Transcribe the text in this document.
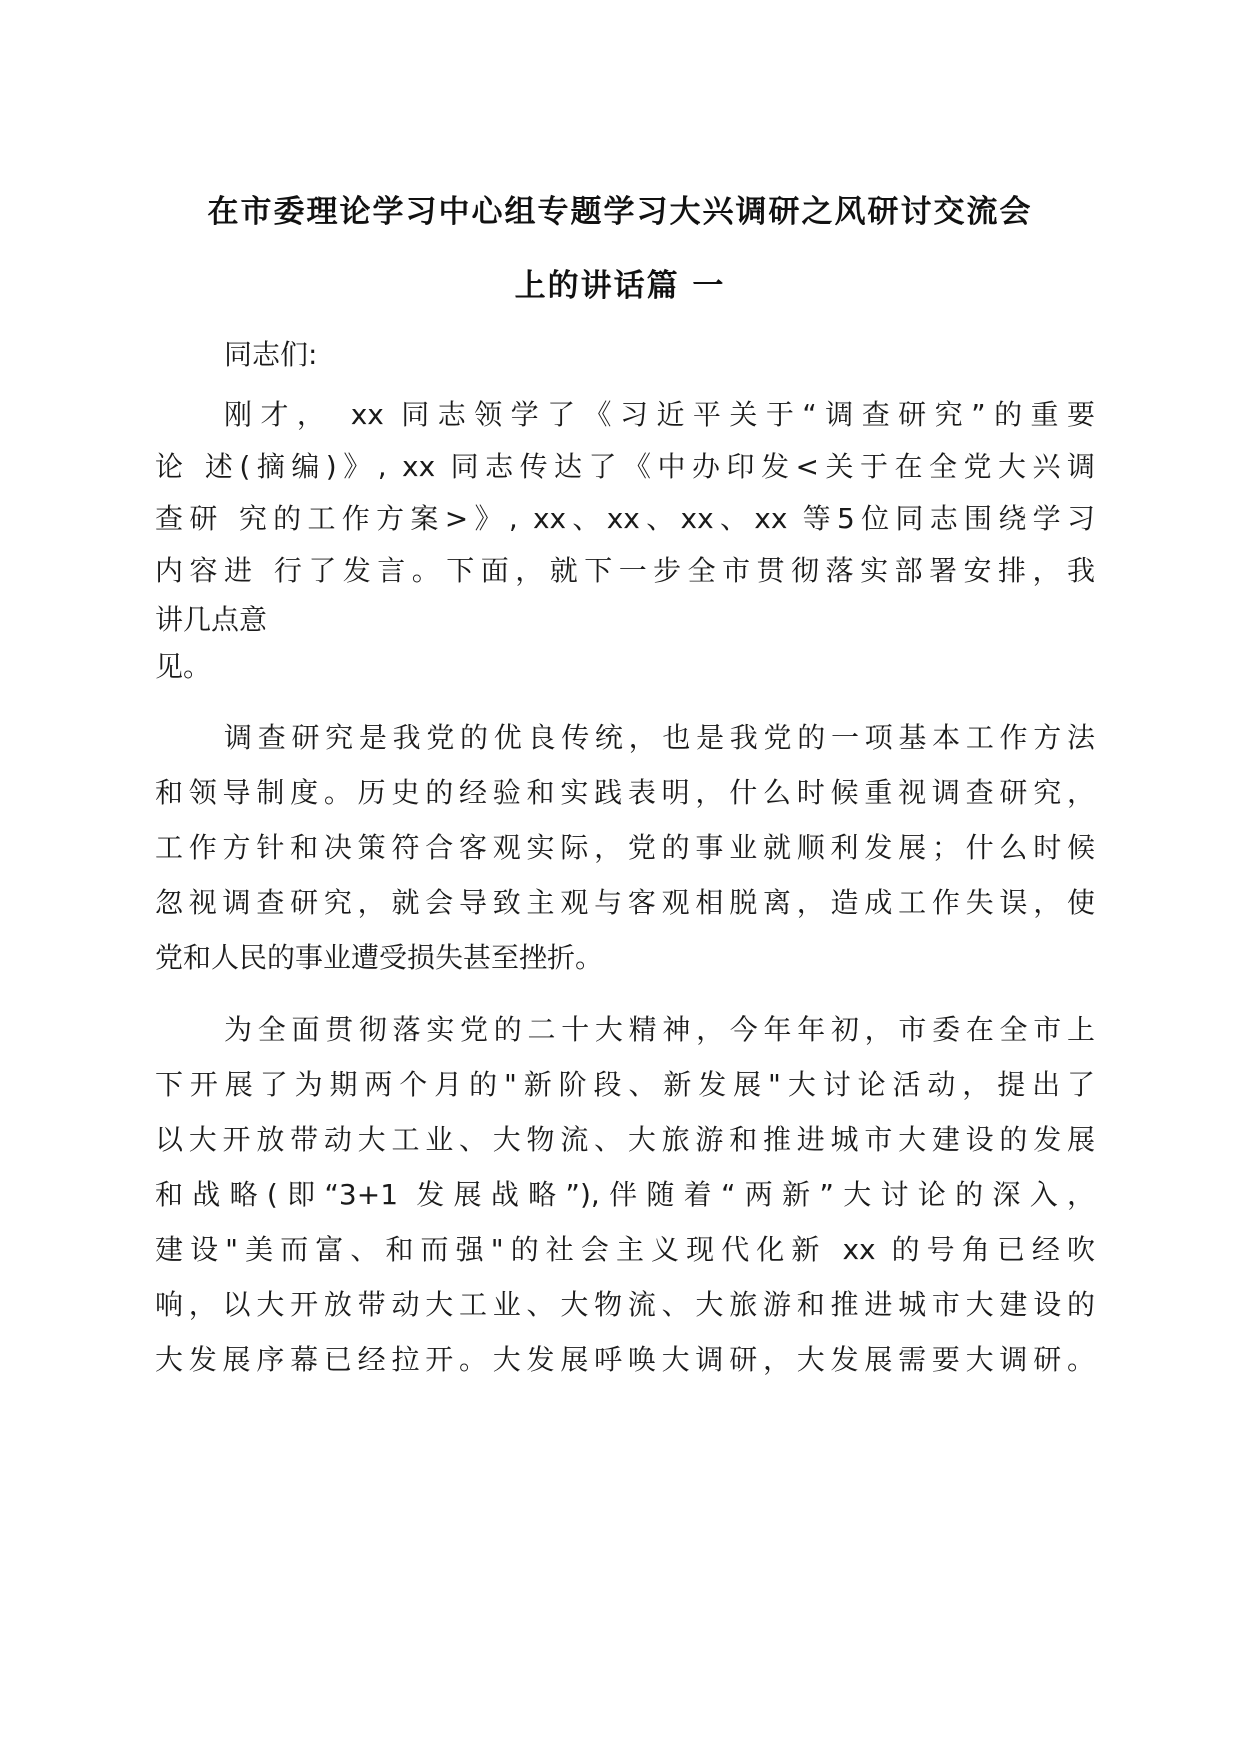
在市委理论学习中心组专题学习大兴调研之风研讨交流会
上的讲话篇 一
同志们:
刚才， xx 同志领学了《习近平关于“调查研究”的重要
论 述(摘编)》, xx 同志传达了《中办印发<关于在全党大兴调
查研 究的工作方案>》, xx、xx、xx、xx 等5位同志围绕学习
内容进 行了发言。下面，就下一步全市贯彻落实部署安排，我
讲几点意
见。
调查研究是我党的优良传统，也是我党的一项基本工作方法
和领导制度。历史的经验和实践表明，什么时候重视调查研究，
工作方针和决策符合客观实际，党的事业就顺利发展；什么时候
忽视调查研究，就会导致主观与客观相脱离，造成工作失误，使
党和人民的事业遭受损失甚至挫折。
为全面贯彻落实党的二十大精神，今年年初，市委在全市上
下开展了为期两个月的"新阶段、新发展"大讨论活动，提出了
以大开放带动大工业、大物流、大旅游和推进城市大建设的发展
和战略(即“3+1 发展战略”),伴随着“两新”大讨论的深入，
建设"美而富、和而强"的社会主义现代化新 xx 的号角已经吹
响，以大开放带动大工业、大物流、大旅游和推进城市大建设的
大发展序幕已经拉开。大发展呼唤大调研，大发展需要大调研。
